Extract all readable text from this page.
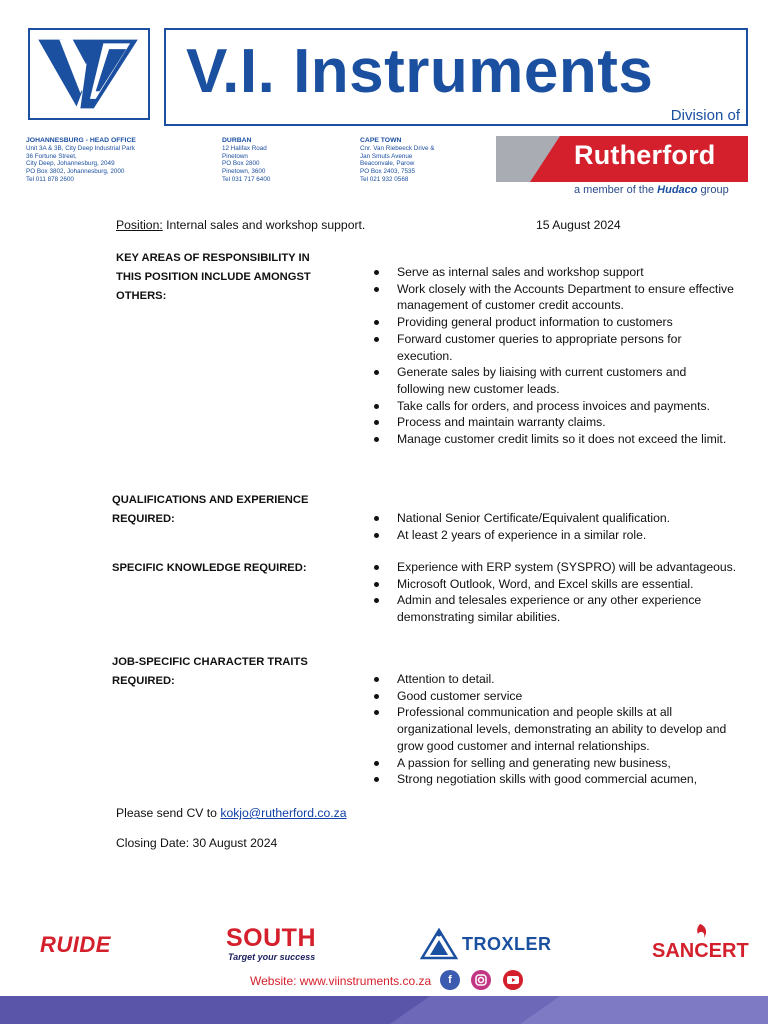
V.I. Instruments
Division of
JOHANNESBURG - HEAD OFFICE
Unit 3A & 3B, City Deep Industrial Park
36 Fortune Street,
City Deep, Johannesburg, 2049
PO Box 3802, Johannesburg, 2000
Tel 011 878 2600
DURBAN
12 Halifax Road
Pinetown
PO Box 2800
Pinetown, 3600
Tel 031 717 6400
CAPE TOWN
Cnr. Van Riebeeck Drive &
Jan Smuts Avenue
Beaconvale, Parow
PO Box 2403, 7535
Tel 021 932 0568
Rutherford
a member of the Hudaco group
Position: Internal sales and workshop support.	15 August 2024
KEY AREAS OF RESPONSIBILITY IN
THIS POSITION INCLUDE AMONGST
OTHERS:
Serve as internal sales and workshop support
Work closely with the Accounts Department to ensure effective management of customer credit accounts.
Providing general product information to customers
Forward customer queries to appropriate persons for execution.
Generate sales by liaising with current customers and following new customer leads.
Take calls for orders, and process invoices and payments.
Process and maintain warranty claims.
Manage customer credit limits so it does not exceed the limit.
QUALIFICATIONS AND EXPERIENCE
REQUIRED:	National Senior Certificate/Equivalent qualification.
At least 2 years of experience in a similar role.
SPECIFIC KNOWLEDGE REQUIRED:	Experience with ERP system (SYSPRO) will be advantageous.
Microsoft Outlook, Word, and Excel skills are essential.
Admin and telesales experience or any other experience demonstrating similar abilities.
JOB-SPECIFIC CHARACTER TRAITS
REQUIRED:	Attention to detail.
Good customer service
Professional communication and people skills at all organizational levels, demonstrating an ability to develop and grow good customer and internal relationships.
A passion for selling and generating new business,
Strong negotiation skills with good commercial acumen,
Please send CV to kokjo@rutherford.co.za
Closing Date: 30 August 2024
RUIDE	SOUTH
Target your success
TROXLER	SANCERT
Website: www.viinstruments.co.za	f
